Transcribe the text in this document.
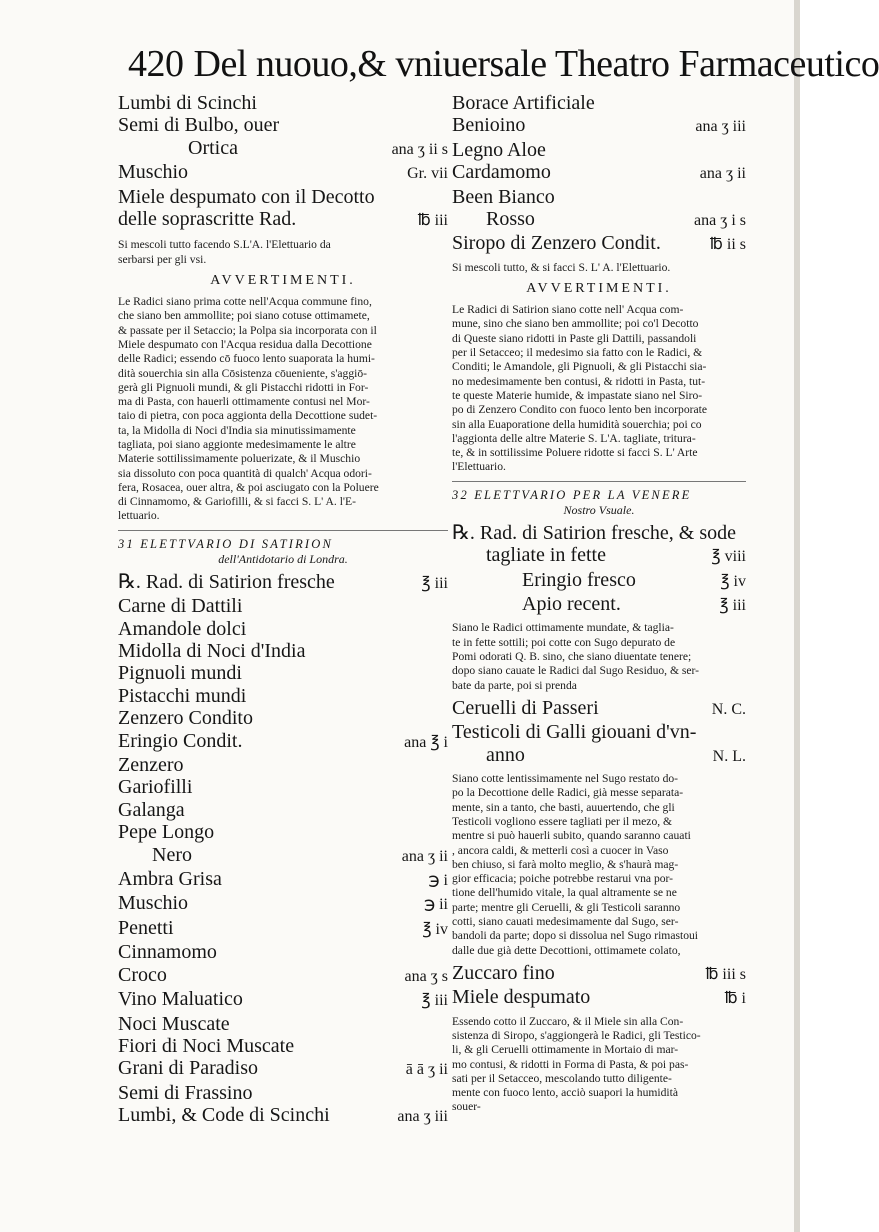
420 Del nuouo,& vniuersale Theatro Farmaceutico
Lumbi di Scinchi
Semi di Bulbo, ouer
Ortica	ana ʒ ii s
Muschio	Gr. vii
Miele despumato con il Decotto
delle soprascritte Rad.	℔ iii

Si mescoli tutto facendo S.L'A. l'Elettuario da
serbarsi per gli vsi.

AVVERTIMENTI.

Le Radici siano prima cotte nell'Acqua commune fino,
che siano ben ammollite; poi siano cotuse ottimamete,
& passate per il Setaccio; la Polpa sia incorporata con il
Miele despumato con l'Acqua residua dalla Decottione
delle Radici; essendo cō fuoco lento suaporata la humi-
dità souerchia sin alla Cōsistenza cōueniente, s'aggiō-
gerà gli Pignuoli mundi, & gli Pistacchi ridotti in For-
ma di Pasta, con hauerli ottimamente contusi nel Mor-
taio di pietra, con poca aggionta della Decottione sudet-
ta, la Midolla di Noci d'India sia minutissimamente
tagliata, poi siano aggionte medesimamente le altre
Materie sottilissimamente poluerizate, & il Muschio
sia dissoluto con poca quantità di qualch' Acqua odori-
fera, Rosacea, ouer altra, & poi asciugato con la Poluere
di Cinnamomo, & Gariofilli, & si facci S. L' A. l'E-
lettuario.

31 ELETTVARIO DI SATIRION
dell'Antidotario di Londra.
℞. Rad. di Satirion fresche	℥ iii
Carne di Dattili
Amandole dolci
Midolla di Noci d'India
Pignuoli mundi
Pistacchi mundi
Zenzero Condito
Eringio Condit.	ana ℥ i
Zenzero
Gariofilli
Galanga
Pepe Longo
Nero	ana ʒ ii
Ambra Grisa	℈ i
Muschio	℈ ii
Penetti	℥ iv
Cinnamomo
Croco	ana ʒ s
Vino Maluatico	℥ iii
Noci Muscate
Fiori di Noci Muscate
Grani di Paradiso	ā ā ʒ ii
Semi di Frassino
Lumbi, & Code di Scinchi	ana ʒ iii
Borace Artificiale
Benioino	ana ʒ iii
Legno Aloe
Cardamomo	ana ʒ ii
Been Bianco
Rosso	ana ʒ i s
Siropo di Zenzero Condit.	℔ ii s

Si mescoli tutto, & si facci S. L' A. l'Elettuario.

AVVERTIMENTI.

Le Radici di Satirion siano cotte nell' Acqua com-
mune, sino che siano ben ammollite; poi co'l Decotto
di Queste siano ridotti in Paste gli Dattili, passandoli
per il Setacceo; il medesimo sia fatto con le Radici, &
Conditi; le Amandole, gli Pignuoli, & gli Pistacchi sia-
no medesimamente ben contusi, & ridotti in Pasta, tut-
te queste Materie humide, & impastate siano nel Siro-
po di Zenzero Condito con fuoco lento ben incorporate
sin alla Euaporatione della humidità souerchia; poi co
l'aggionta delle altre Materie S. L'A. tagliate, tritura-
te, & in sottilissime Poluere ridotte si facci S. L' Arte
l'Elettuario.

32 ELETTVARIO PER LA VENERE
Nostro Vsuale.
℞. Rad. di Satirion fresche, & sode
tagliate in fette	℥ viii
Eringio fresco	℥ iv
Apio recent.	℥ iii

Siano le Radici ottimamente mundate, & taglia-
te in fette sottili; poi cotte con Sugo depurato de
Pomi odorati Q. B. sino, che siano diuentate tenere;
dopo siano cauate le Radici dal Sugo Residuo, & ser-
bate da parte, poi si prenda

Ceruelli di Passeri	N. C.
Testicoli di Galli giouani d'vn-
anno	N. L.

Siano cotte lentissimamente nel Sugo restato do-
po la Decottione delle Radici, già messe separata-
mente, sin a tanto, che basti, auuertendo, che gli
Testicoli vogliono essere tagliati per il mezo, &
mentre si può hauerli subito, quando saranno cauati
, ancora caldi, & metterli così a cuocer in Vaso
ben chiuso, si farà molto meglio, & s'haurà mag-
gior efficacia; poiche potrebbe restarui vna por-
tione dell'humido vitale, la qual altramente se ne
parte; mentre gli Ceruelli, & gli Testicoli saranno
cotti, siano cauati medesimamente dal Sugo, ser-
bandoli da parte; dopo si dissolua nel Sugo rimastoui
dalle due già dette Decottioni, ottimamete colato,

Zuccaro fino	℔ iii s
Miele despumato	℔ i

Essendo cotto il Zuccaro, & il Miele sin alla Con-
sistenza di Siropo, s'aggiongerà le Radici, gli Testico-
li, & gli Ceruelli ottimamente in Mortaio di mar-
mo contusi, & ridotti in Forma di Pasta, & poi pas-
sati per il Setacceo, mescolando tutto diligente-
mente con fuoco lento, acciò suapori la humidità
souer-
